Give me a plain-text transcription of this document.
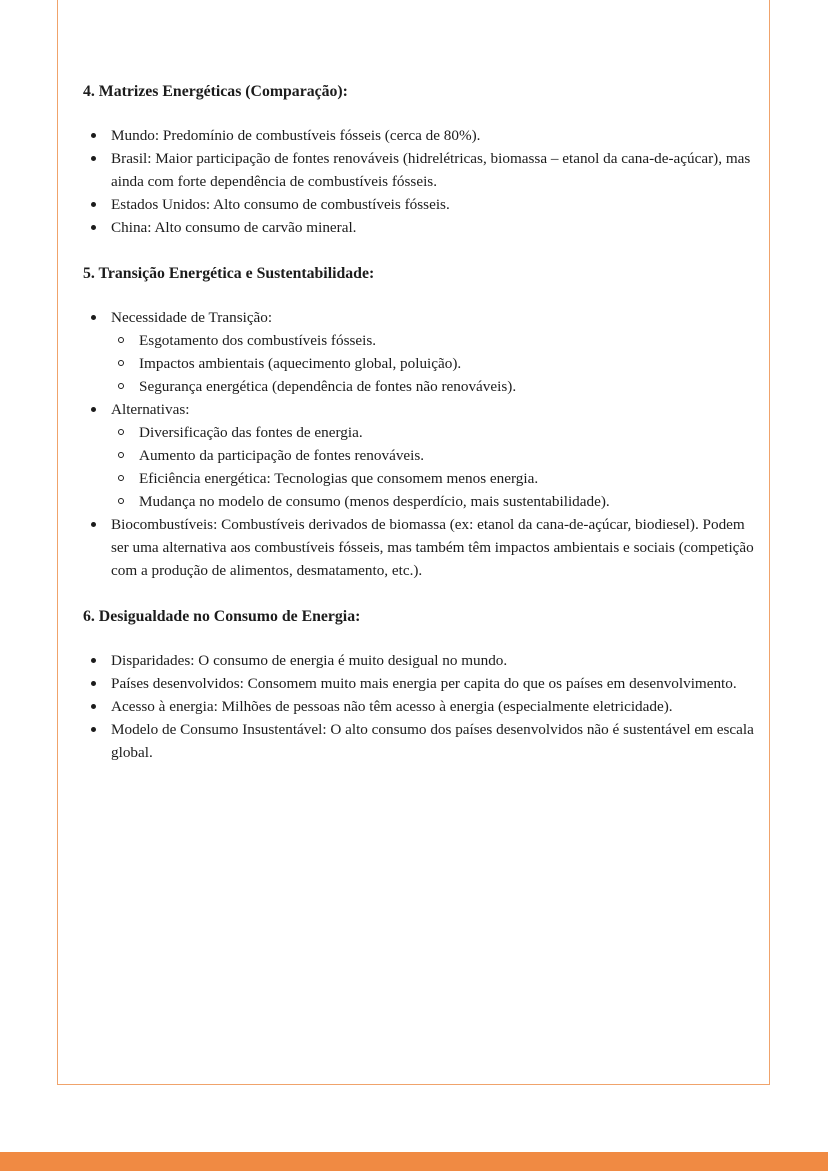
4. Matrizes Energéticas (Comparação):
Mundo: Predomínio de combustíveis fósseis (cerca de 80%).
Brasil: Maior participação de fontes renováveis (hidrelétricas, biomassa – etanol da cana-de-açúcar), mas ainda com forte dependência de combustíveis fósseis.
Estados Unidos: Alto consumo de combustíveis fósseis.
China: Alto consumo de carvão mineral.
5. Transição Energética e Sustentabilidade:
Necessidade de Transição:
Esgotamento dos combustíveis fósseis.
Impactos ambientais (aquecimento global, poluição).
Segurança energética (dependência de fontes não renováveis).
Alternativas:
Diversificação das fontes de energia.
Aumento da participação de fontes renováveis.
Eficiência energética: Tecnologias que consomem menos energia.
Mudança no modelo de consumo (menos desperdício, mais sustentabilidade).
Biocombustíveis: Combustíveis derivados de biomassa (ex: etanol da cana-de-açúcar, biodiesel). Podem ser uma alternativa aos combustíveis fósseis, mas também têm impactos ambientais e sociais (competição com a produção de alimentos, desmatamento, etc.).
6. Desigualdade no Consumo de Energia:
Disparidades: O consumo de energia é muito desigual no mundo.
Países desenvolvidos: Consomem muito mais energia per capita do que os países em desenvolvimento.
Acesso à energia: Milhões de pessoas não têm acesso à energia (especialmente eletricidade).
Modelo de Consumo Insustentável: O alto consumo dos países desenvolvidos não é sustentável em escala global.
